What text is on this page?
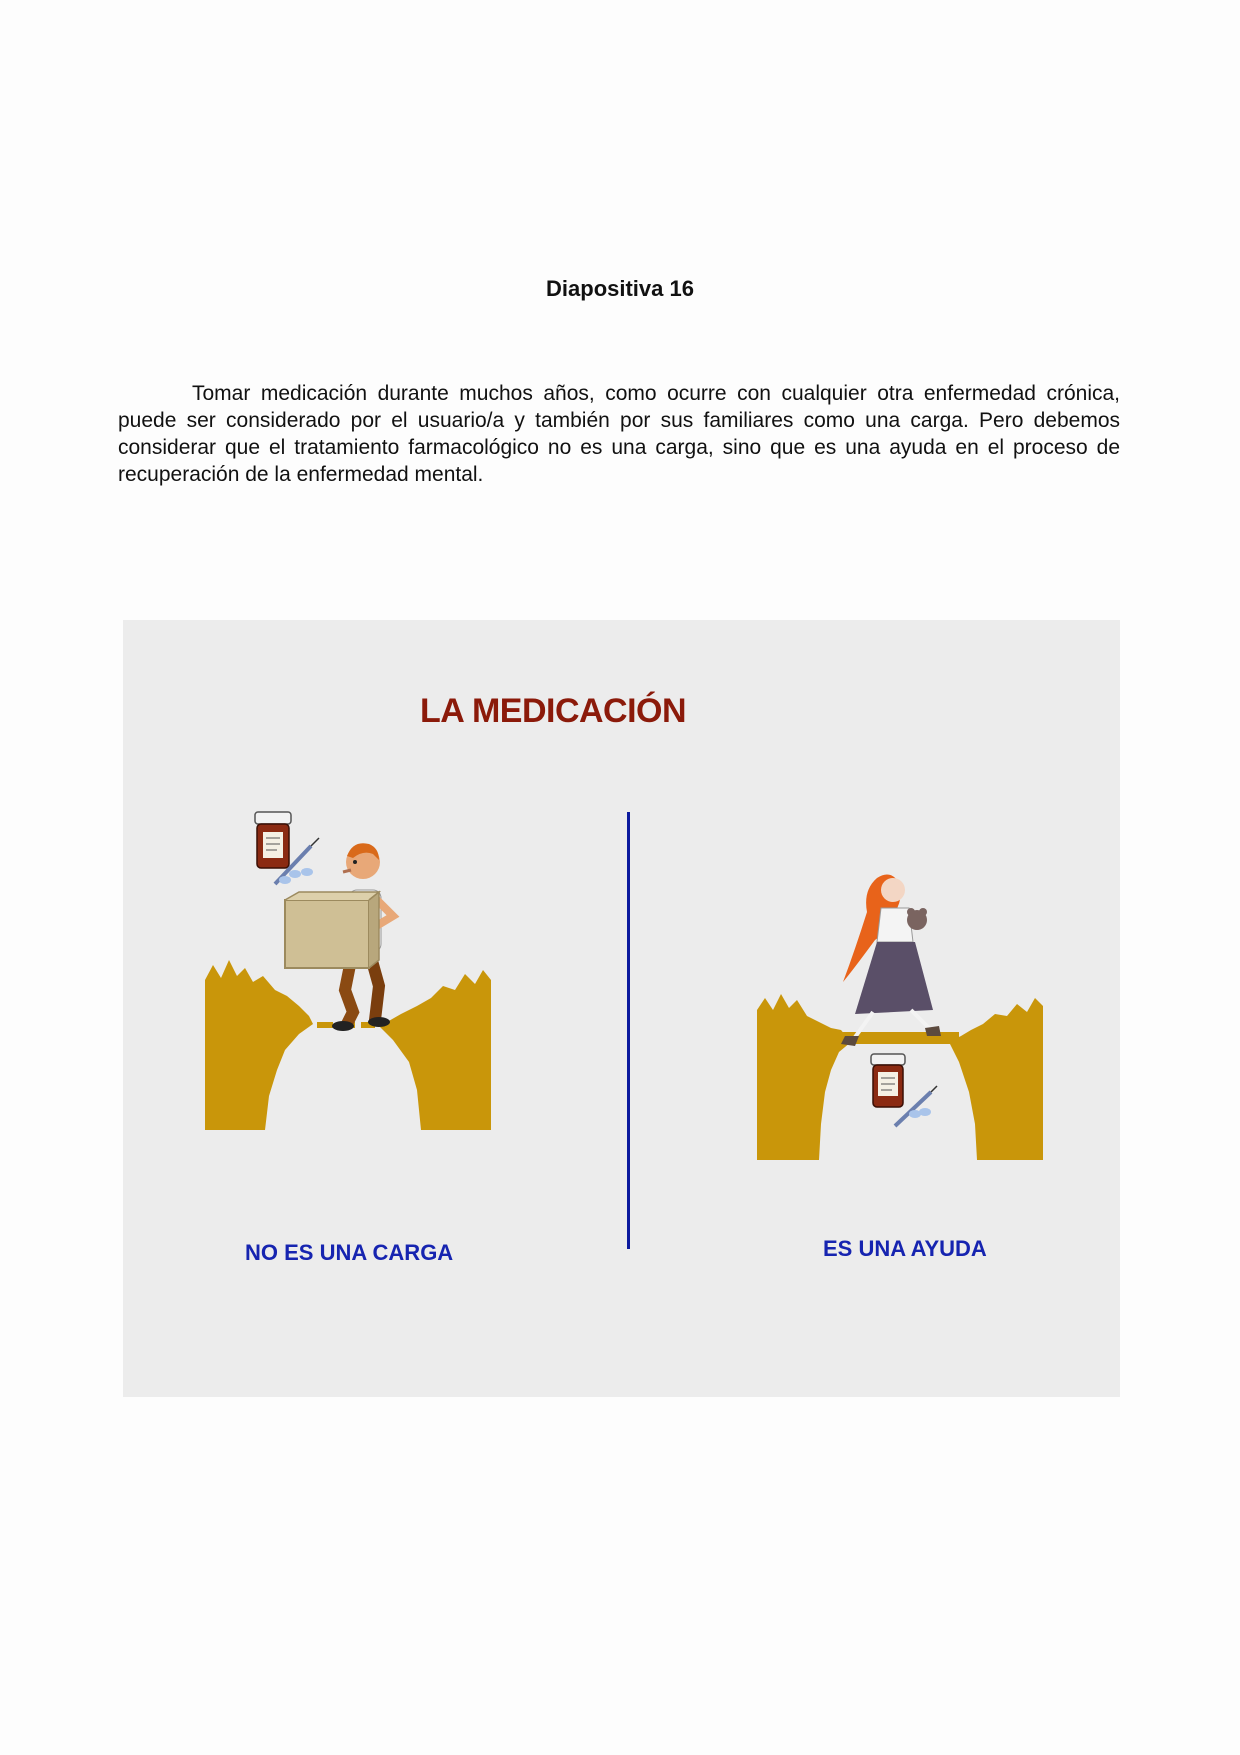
Diapositiva 16

Tomar medicación durante muchos años, como ocurre con cualquier otra enfermedad crónica, puede ser considerado por el usuario/a y también por sus familiares como una carga. Pero debemos considerar que el tratamiento farmacológico no es una carga, sino que es una ayuda en el proceso de recuperación de la enfermedad mental.

LA MEDICACIÓN
NO ES UNA CARGA	ES UNA AYUDA
